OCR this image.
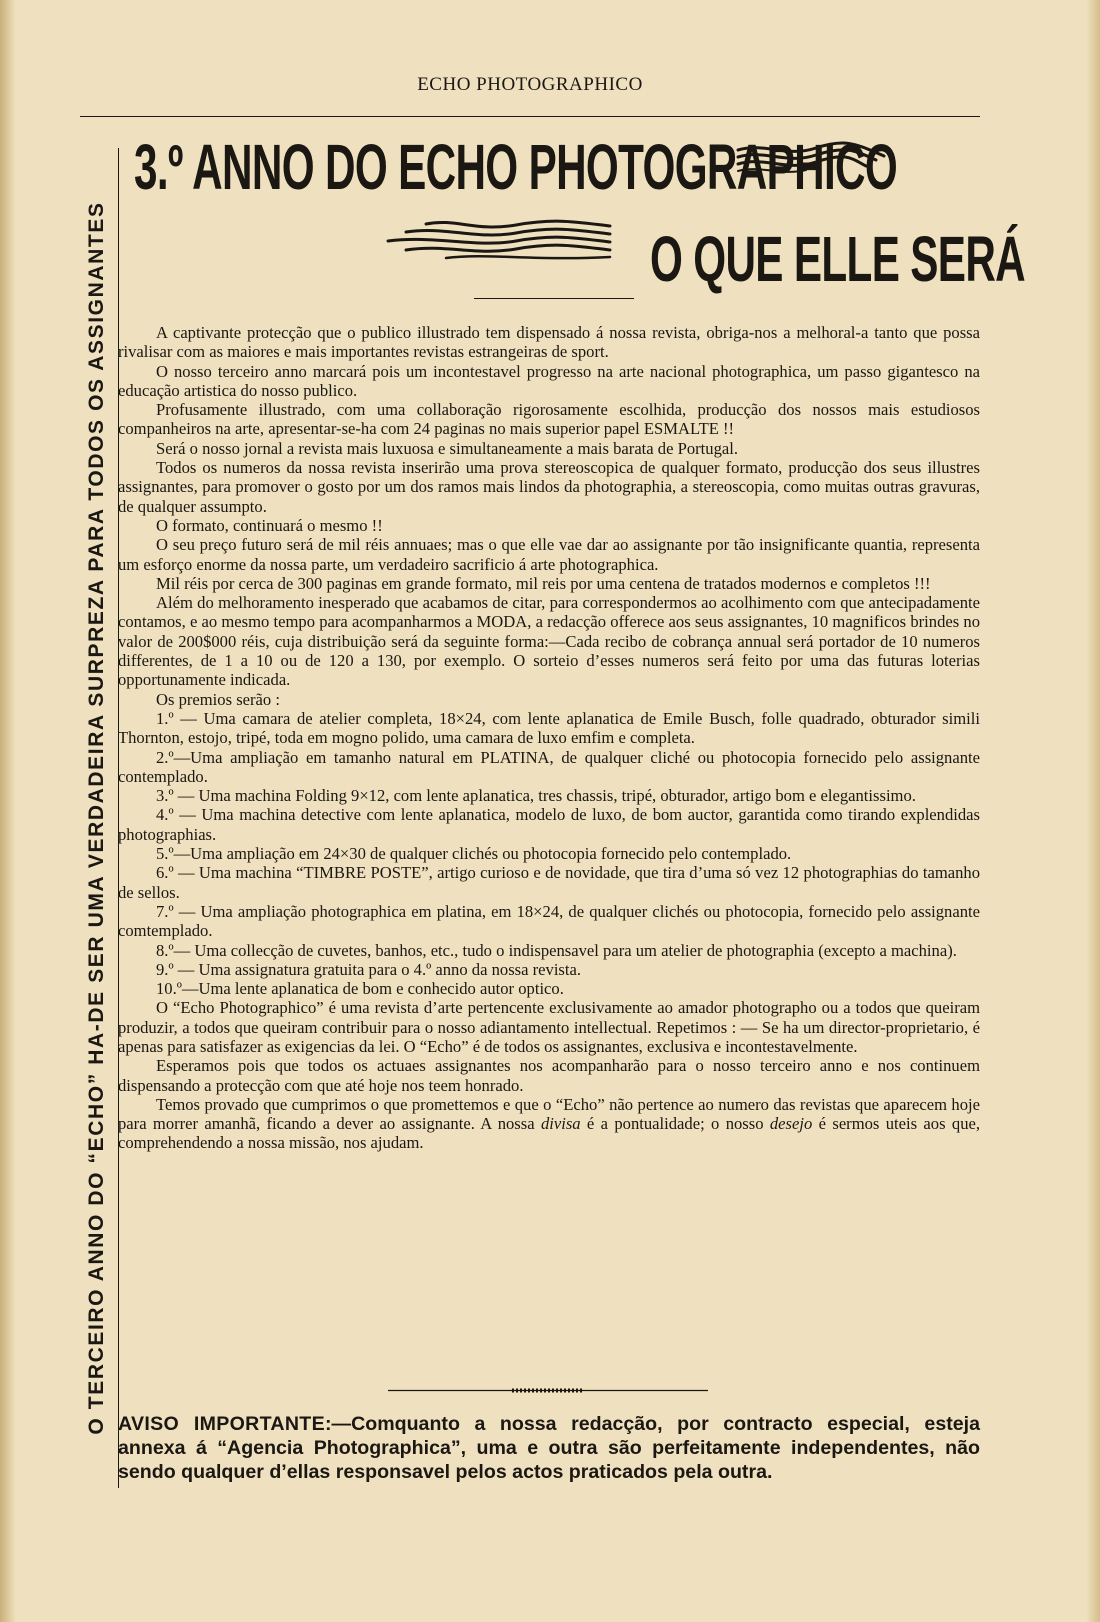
ECHO PHOTOGRAPHICO
O TERCEIRO ANNO DO “ECHO” HA-DE SER UMA VERDADEIRA SURPREZA PARA TODOS OS ASSIGNANTES
3.º ANNO DO ECHO PHOTOGRAPHICO
O QUE ELLE SERÁ

A captivante protecção que o publico illustrado tem dispensado á nossa revista, obriga-nos a melhoral-a tanto que possa rivalisar com as maiores e mais importantes revistas estrangeiras de sport.

O nosso terceiro anno marcará pois um incontestavel progresso na arte nacional photographica, um passo gigantesco na educação artistica do nosso publico.

Profusamente illustrado, com uma collaboração rigorosamente escolhida, producção dos nossos mais estudiosos companheiros na arte, apresentar-se-ha com 24 paginas no mais superior papel ESMALTE !!

Será o nosso jornal a revista mais luxuosa e simultaneamente a mais barata de Portugal.

Todos os numeros da nossa revista inserirão uma prova stereoscopica de qualquer formato, producção dos seus illustres assignantes, para promover o gosto por um dos ramos mais lindos da photographia, a stereoscopia, como muitas outras gravuras, de qualquer assumpto.

O formato, continuará o mesmo !!

O seu preço futuro será de mil réis annuaes; mas o que elle vae dar ao assignante por tão insignificante quantia, representa um esforço enorme da nossa parte, um verdadeiro sacrificio á arte photographica.

Mil réis por cerca de 300 paginas em grande formato, mil reis por uma centena de tratados modernos e completos !!!

Além do melhoramento inesperado que acabamos de citar, para correspondermos ao acolhimento com que antecipadamente contamos, e ao mesmo tempo para acompanharmos a MODA, a redacção offerece aos seus assignantes, 10 magnificos brindes no valor de 200$000 réis, cuja distribuição será da seguinte forma:—Cada recibo de cobrança annual será portador de 10 numeros differentes, de 1 a 10 ou de 120 a 130, por exemplo. O sorteio d’esses numeros será feito por uma das futuras loterias opportunamente indicada.

Os premios serão :

1.º — Uma camara de atelier completa, 18×24, com lente aplanatica de Emile Busch, folle quadrado, obturador simili Thornton, estojo, tripé, toda em mogno polido, uma camara de luxo emfim e completa.

2.º—Uma ampliação em tamanho natural em PLATINA, de qualquer cliché ou photocopia fornecido pelo assignante contemplado.

3.º — Uma machina Folding 9×12, com lente aplanatica, tres chassis, tripé, obturador, artigo bom e elegantissimo.

4.º — Uma machina detective com lente aplanatica, modelo de luxo, de bom auctor, garantida como tirando explendidas photographias.

5.º—Uma ampliação em 24×30 de qualquer clichés ou photocopia fornecido pelo contemplado.

6.º — Uma machina “TIMBRE POSTE”, artigo curioso e de novidade, que tira d’uma só vez 12 photographias do tamanho de sellos.

7.º — Uma ampliação photographica em platina, em 18×24, de qualquer clichés ou photocopia, fornecido pelo assignante comtemplado.

8.º— Uma collecção de cuvetes, banhos, etc., tudo o indispensavel para um atelier de photographia (excepto a machina).

9.º — Uma assignatura gratuita para o 4.º anno da nossa revista.

10.º—Uma lente aplanatica de bom e conhecido autor optico.

O “Echo Photographico” é uma revista d’arte pertencente exclusivamente ao amador photographo ou a todos que queiram produzir, a todos que queiram contribuir para o nosso adiantamento intellectual. Repetimos : — Se ha um director-proprietario, é apenas para satisfazer as exigencias da lei. O “Echo” é de todos os assignantes, exclusiva e incontestavelmente.

Esperamos pois que todos os actuaes assignantes nos acompanharão para o nosso terceiro anno e nos continuem dispensando a protecção com que até hoje nos teem honrado.

Temos provado que cumprimos o que promettemos e que o “Echo” não pertence ao numero das revistas que aparecem hoje para morrer amanhã, ficando a dever ao assignante. A nossa divisa é a pontualidade; o nosso desejo é sermos uteis aos que, comprehendendo a nossa missão, nos ajudam.

AVISO IMPORTANTE:—Comquanto a nossa redacção, por contracto especial, esteja annexa á “Agencia Photographica”, uma e outra são perfeitamente independentes, não sendo qualquer d’ellas responsavel pelos actos praticados pela outra.
